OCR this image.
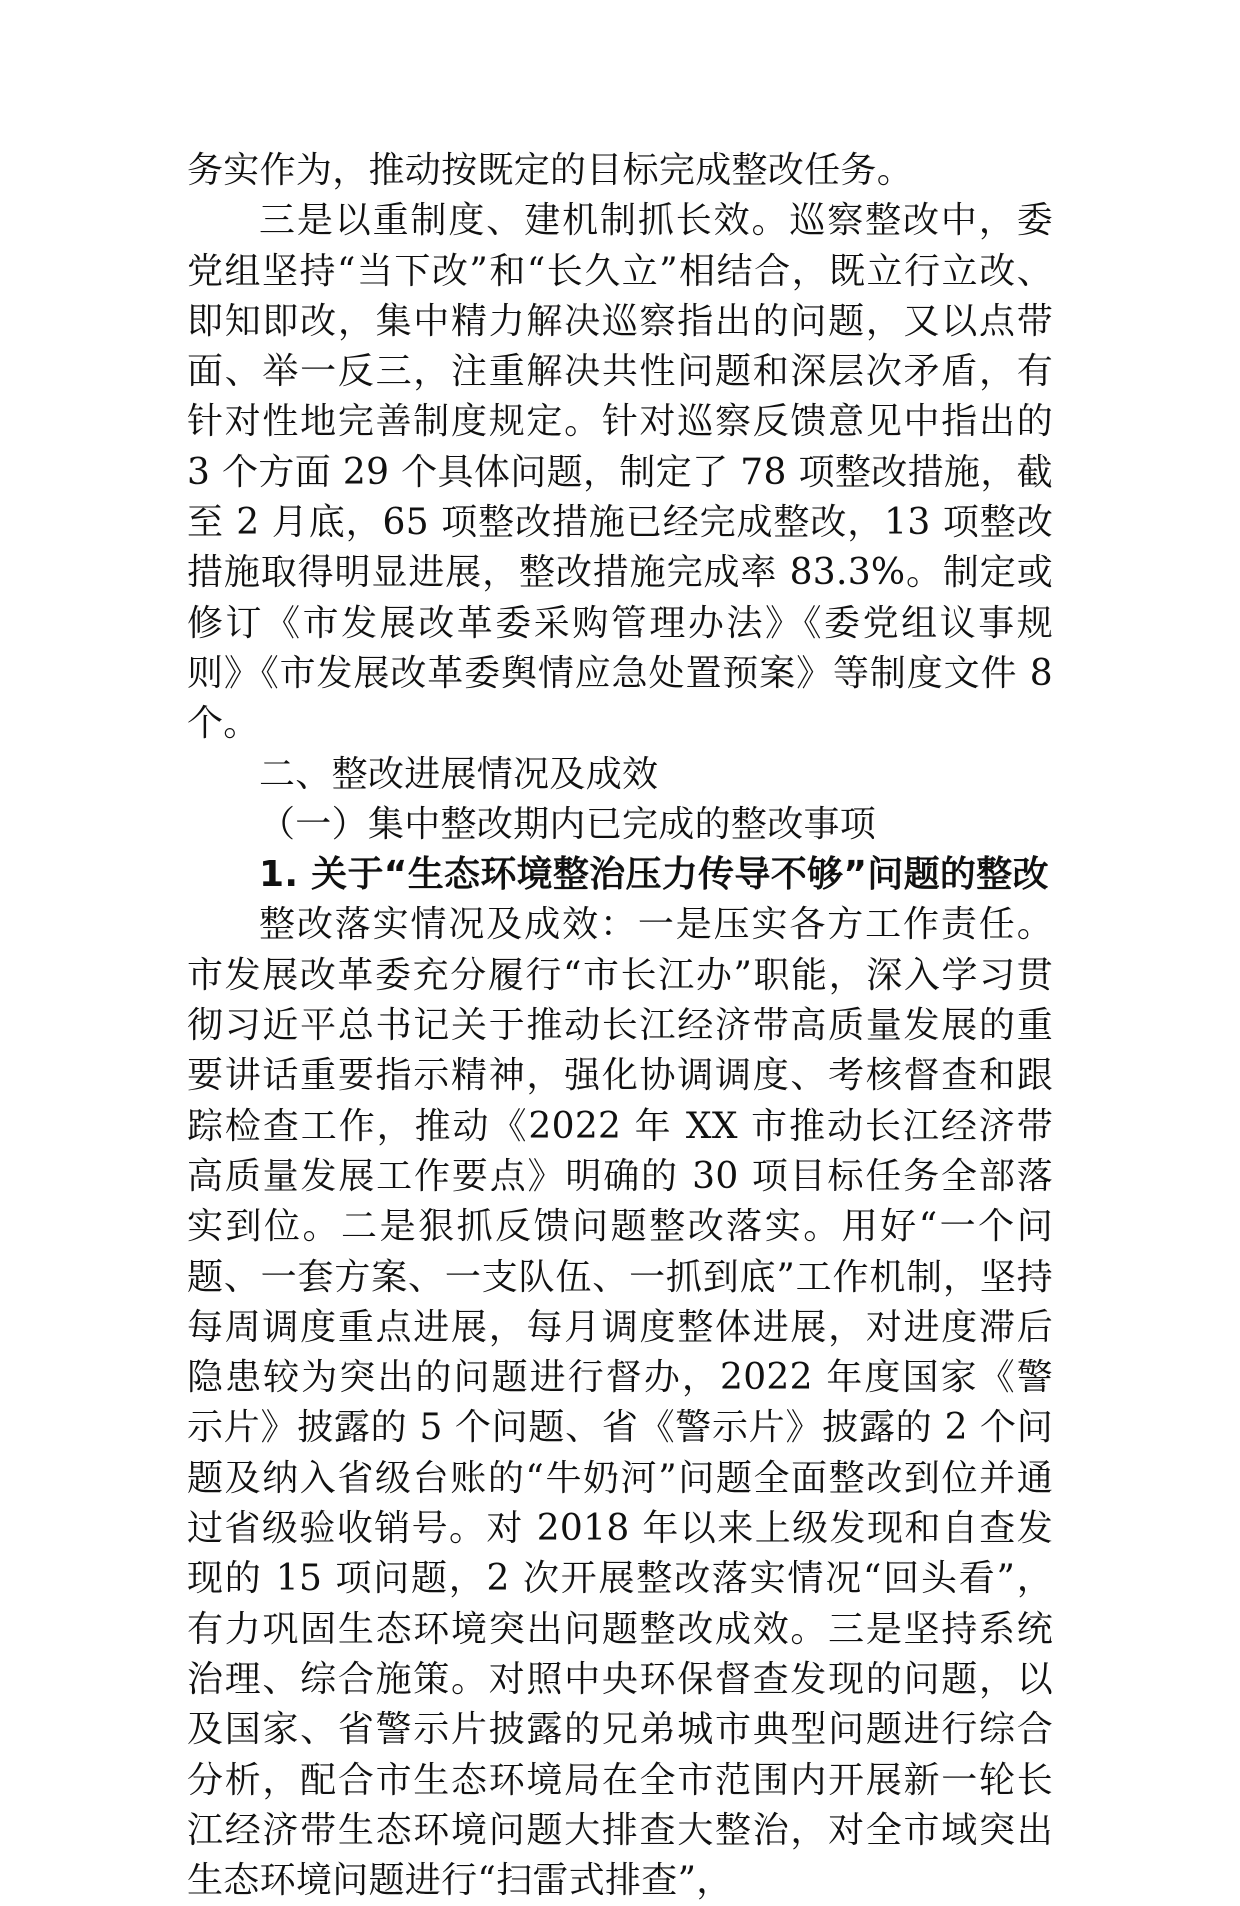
务实作为，推动按既定的目标完成整改任务。

三是以重制度、建机制抓长效。巡察整改中，委党组坚持“当下改”和“长久立”相结合，既立行立改、即知即改，集中精力解决巡察指出的问题，又以点带面、举一反三，注重解决共性问题和深层次矛盾，有针对性地完善制度规定。针对巡察反馈意见中指出的 3 个方面 29 个具体问题，制定了 78 项整改措施，截至 2 月底，65 项整改措施已经完成整改，13 项整改措施取得明显进展，整改措施完成率 83.3%。制定或修订《市发展改革委采购管理办法》《委党组议事规则》《市发展改革委舆情应急处置预案》等制度文件 8 个。

二、整改进展情况及成效

（一）集中整改期内已完成的整改事项

1. 关于“生态环境整治压力传导不够”问题的整改

整改落实情况及成效：一是压实各方工作责任。市发展改革委充分履行“市长江办”职能，深入学习贯彻习近平总书记关于推动长江经济带高质量发展的重要讲话重要指示精神，强化协调调度、考核督查和跟踪检查工作，推动《2022 年 XX 市推动长江经济带高质量发展工作要点》明确的 30 项目标任务全部落实到位。二是狠抓反馈问题整改落实。用好“一个问题、一套方案、一支队伍、一抓到底”工作机制，坚持每周调度重点进展，每月调度整体进展，对进度滞后隐患较为突出的问题进行督办，2022 年度国家《警示片》披露的 5 个问题、省《警示片》披露的 2 个问题及纳入省级台账的“牛奶河”问题全面整改到位并通过省级验收销号。对 2018 年以来上级发现和自查发现的 15 项问题，2 次开展整改落实情况“回头看”，有力巩固生态环境突出问题整改成效。三是坚持系统治理、综合施策。对照中央环保督查发现的问题，以及国家、省警示片披露的兄弟城市典型问题进行综合分析，配合市生态环境局在全市范围内开展新一轮长江经济带生态环境问题大排查大整治，对全市域突出生态环境问题进行“扫雷式排查”，
